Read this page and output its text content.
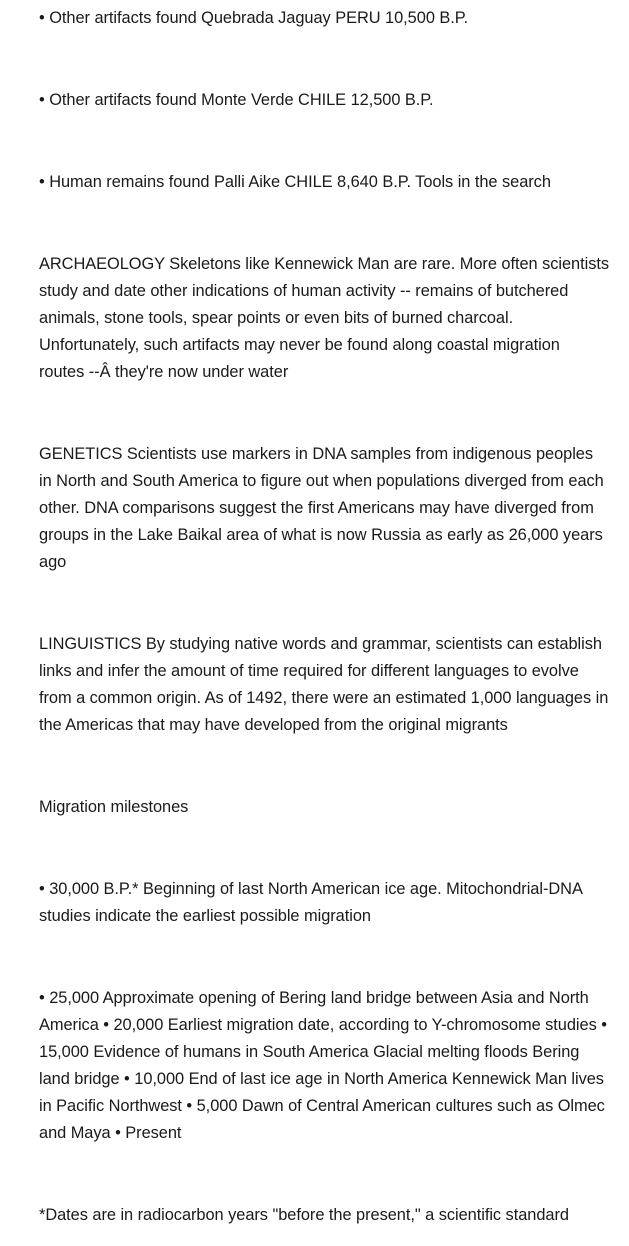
• Other artifacts found Quebrada Jaguay PERU 10,500 B.P.

• Other artifacts found Monte Verde CHILE 12,500 B.P.

• Human remains found Palli Aike CHILE 8,640 B.P. Tools in the search

ARCHAEOLOGY Skeletons like Kennewick Man are rare. More often scientists study and date other indications of human activity -- remains of butchered animals, stone tools, spear points or even bits of burned charcoal. Unfortunately, such artifacts may never be found along coastal migration routes --Â they're now under water

GENETICS Scientists use markers in DNA samples from indigenous peoples in North and South America to figure out when populations diverged from each other. DNA comparisons suggest the first Americans may have diverged from groups in the Lake Baikal area of what is now Russia as early as 26,000 years ago

LINGUISTICS By studying native words and grammar, scientists can establish links and infer the amount of time required for different languages to evolve from a common origin. As of 1492, there were an estimated 1,000 languages in the Americas that may have developed from the original migrants

Migration milestones

• 30,000 B.P.* Beginning of last North American ice age. Mitochondrial-DNA studies indicate the earliest possible migration

• 25,000 Approximate opening of Bering land bridge between Asia and North America • 20,000 Earliest migration date, according to Y-chromosome studies • 15,000 Evidence of humans in South America Glacial melting floods Bering land bridge • 10,000 End of last ice age in North America Kennewick Man lives in Pacific Northwest • 5,000 Dawn of Central American cultures such as Olmec and Maya • Present

*Dates are in radiocarbon years "before the present," a scientific standard
